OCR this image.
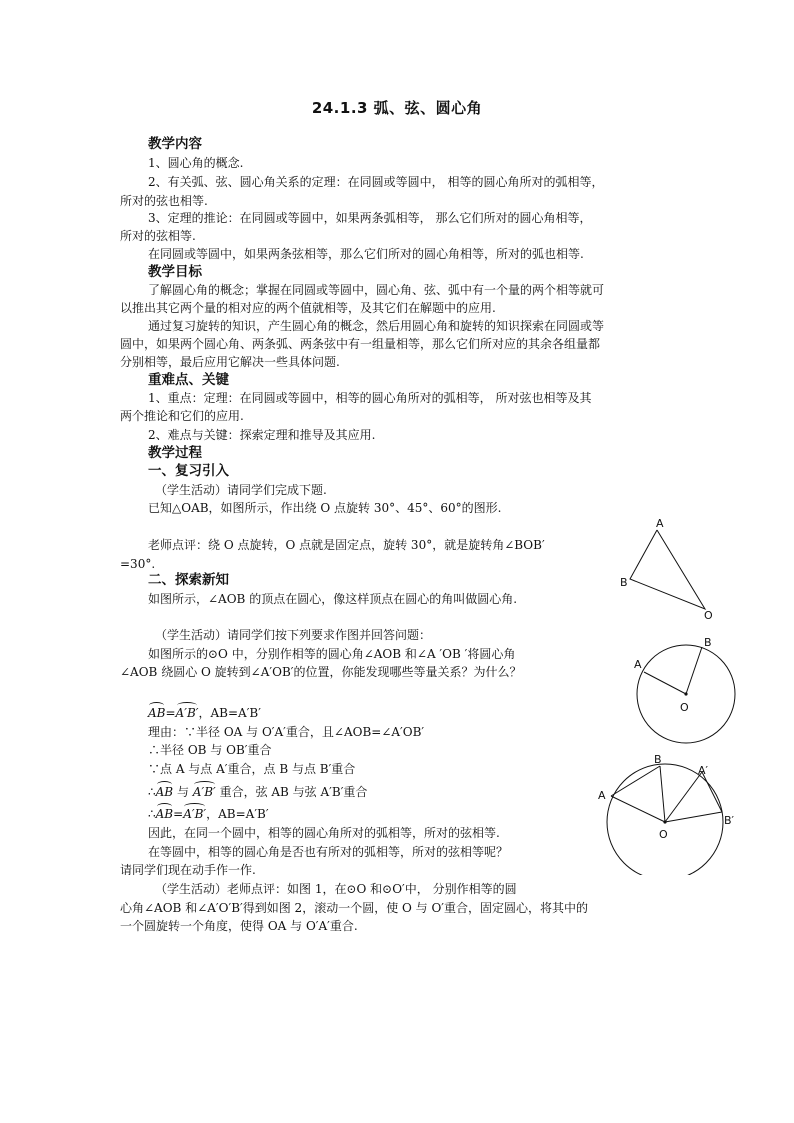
24.1.3 弧、弦、圆心角
教学内容
1、圆心角的概念.
2、有关弧、弦、圆心角关系的定理：在同圆或等圆中， 相等的圆心角所对的弧相等，
所对的弦也相等.
3、定理的推论：在同圆或等圆中，如果两条弧相等， 那么它们所对的圆心角相等，
所对的弦相等.
在同圆或等圆中，如果两条弦相等，那么它们所对的圆心角相等，所对的弧也相等.
教学目标
了解圆心角的概念；掌握在同圆或等圆中，圆心角、弦、弧中有一个量的两个相等就可
以推出其它两个量的相对应的两个值就相等，及其它们在解题中的应用.
通过复习旋转的知识，产生圆心角的概念，然后用圆心角和旋转的知识探索在同圆或等
圆中，如果两个圆心角、两条弧、两条弦中有一组量相等，那么它们所对应的其余各组量都
分别相等，最后应用它解决一些具体问题.
重难点、关键
1、重点：定理：在同圆或等圆中，相等的圆心角所对的弧相等， 所对弦也相等及其
两个推论和它们的应用.
2、难点与关键：探索定理和推导及其应用.
教学过程
一、复习引入
（学生活动）请同学们完成下题.
已知△OAB，如图所示，作出绕 O 点旋转 30°、45°、60°的图形.
老师点评：绕 O 点旋转，O 点就是固定点，旋转 30°，就是旋转角∠BOB′
=30°.
二、探索新知
如图所示，∠AOB 的顶点在圆心，像这样顶点在圆心的角叫做圆心角.
（学生活动）请同学们按下列要求作图并回答问题：
如图所示的⊙O 中，分别作相等的圆心角∠AOB 和∠A ′OB ′将圆心角
∠AOB 绕圆心 O 旋转到∠A′OB′的位置，你能发现哪些等量关系？为什么？
AB=A′B′，AB=A′B′
理由：∵半径 OA 与 O′A′重合，且∠AOB=∠A′OB′
∴半径 OB 与 OB′重合
∵点 A 与点 A′重合，点 B 与点 B′重合
∴AB 与 A′B′ 重合，弦 AB 与弦 A′B′重合
∴AB=A′B′，AB=A′B′
因此，在同一个圆中，相等的圆心角所对的弧相等，所对的弦相等.
在等圆中，相等的圆心角是否也有所对的弧相等，所对的弦相等呢？
请同学们现在动手作一作.
（学生活动）老师点评：如图 1，在⊙O 和⊙O′中， 分别作相等的圆
心角∠AOB 和∠A′O′B′得到如图 2，滚动一个圆，使 O 与 O′重合，固定圆心，将其中的
一个圆旋转一个角度，使得 OA 与 O′A′重合.
A
B
O
A
B
O
A
B
A′
B′
O
